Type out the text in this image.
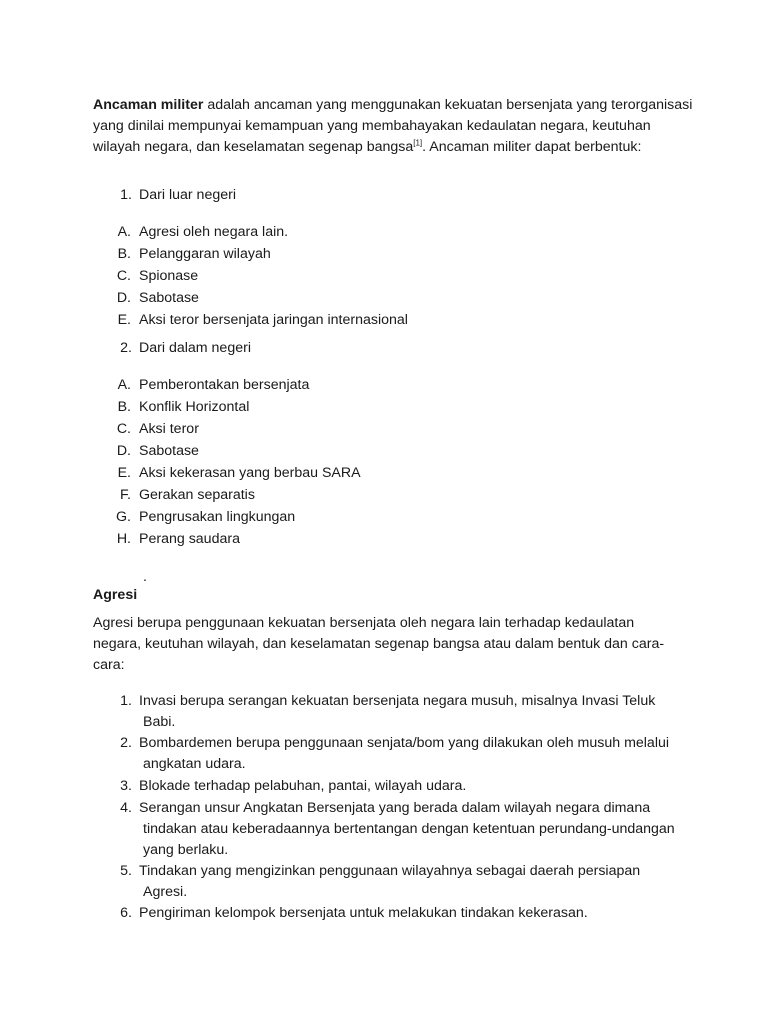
Ancaman militer adalah ancaman yang menggunakan kekuatan bersenjata yang terorganisasi yang dinilai mempunyai kemampuan yang membahayakan kedaulatan negara, keutuhan wilayah negara, dan keselamatan segenap bangsa[1]. Ancaman militer dapat berbentuk:
1. Dari luar negeri
A. Agresi oleh negara lain.
B. Pelanggaran wilayah
C. Spionase
D. Sabotase
E. Aksi teror bersenjata jaringan internasional
2. Dari dalam negeri
A. Pemberontakan bersenjata
B. Konflik Horizontal
C. Aksi teror
D. Sabotase
E. Aksi kekerasan yang berbau SARA
F. Gerakan separatis
G. Pengrusakan lingkungan
H. Perang saudara
.
Agresi
Agresi berupa penggunaan kekuatan bersenjata oleh negara lain terhadap kedaulatan negara, keutuhan wilayah, dan keselamatan segenap bangsa atau dalam bentuk dan cara-cara:
1. Invasi berupa serangan kekuatan bersenjata negara musuh, misalnya Invasi Teluk
Babi.
2. Bombardemen berupa penggunaan senjata/bom yang dilakukan oleh musuh melalui
angkatan udara.
3. Blokade terhadap pelabuhan, pantai, wilayah udara.
4. Serangan unsur Angkatan Bersenjata yang berada dalam wilayah negara dimana
tindakan atau keberadaannya bertentangan dengan ketentuan perundang-undangan
yang berlaku.
5. Tindakan yang mengizinkan penggunaan wilayahnya sebagai daerah persiapan
Agresi.
6. Pengiriman kelompok bersenjata untuk melakukan tindakan kekerasan.
